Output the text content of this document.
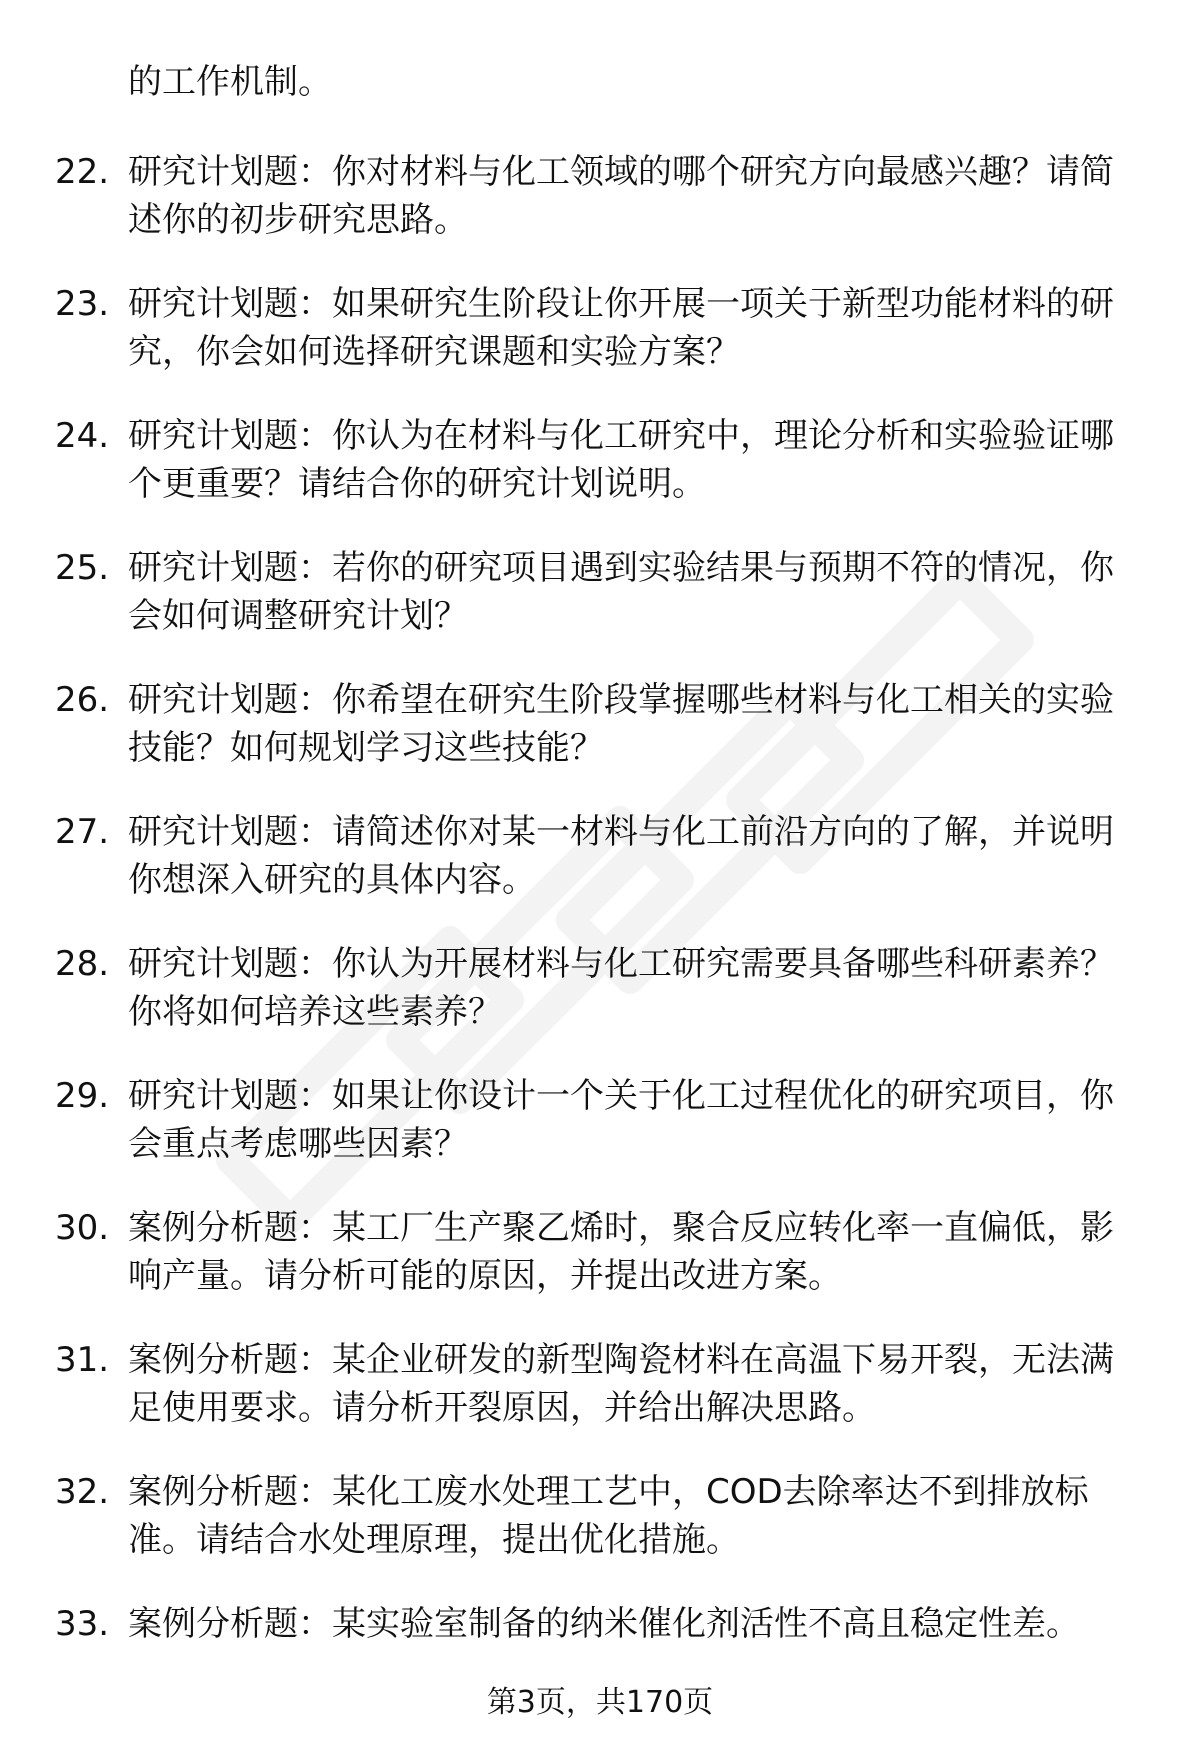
的工作机制。

22. 研究计划题：你对材料与化工领域的哪个研究方向最感兴趣？请简述你的初步研究思路。
23. 研究计划题：如果研究生阶段让你开展一项关于新型功能材料的研究，你会如何选择研究课题和实验方案？
24. 研究计划题：你认为在材料与化工研究中，理论分析和实验验证哪个更重要？请结合你的研究计划说明。
25. 研究计划题：若你的研究项目遇到实验结果与预期不符的情况，你会如何调整研究计划？
26. 研究计划题：你希望在研究生阶段掌握哪些材料与化工相关的实验技能？如何规划学习这些技能？
27. 研究计划题：请简述你对某一材料与化工前沿方向的了解，并说明你想深入研究的具体内容。
28. 研究计划题：你认为开展材料与化工研究需要具备哪些科研素养？你将如何培养这些素养？
29. 研究计划题：如果让你设计一个关于化工过程优化的研究项目，你会重点考虑哪些因素？
30. 案例分析题：某工厂生产聚乙烯时，聚合反应转化率一直偏低，影响产量。请分析可能的原因，并提出改进方案。
31. 案例分析题：某企业研发的新型陶瓷材料在高温下易开裂，无法满足使用要求。请分析开裂原因，并给出解决思路。
32. 案例分析题：某化工废水处理工艺中，COD去除率达不到排放标准。请结合水处理原理，提出优化措施。
33. 案例分析题：某实验室制备的纳米催化剂活性不高且稳定性差。
第3页，共170页
